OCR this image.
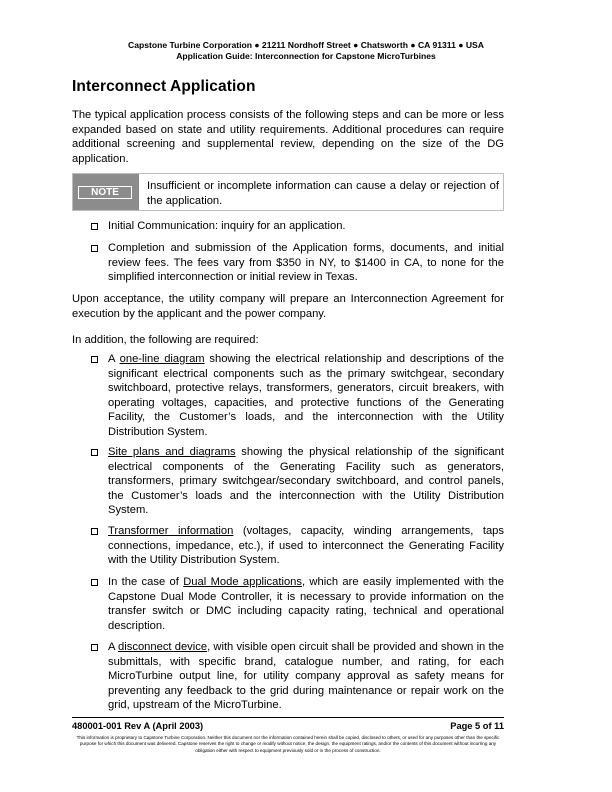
Capstone Turbine Corporation ● 21211 Nordhoff Street ● Chatsworth ● CA 91311 ● USA
Application Guide: Interconnection for Capstone MicroTurbines
Interconnect Application
The typical application process consists of the following steps and can be more or less expanded based on state and utility requirements. Additional procedures can require additional screening and supplemental review, depending on the size of the DG application.
NOTE
Insufficient or incomplete information can cause a delay or rejection of the application.
Initial Communication: inquiry for an application.
Completion and submission of the Application forms, documents, and initial review fees. The fees vary from $350 in NY, to $1400 in CA, to none for the simplified interconnection or initial review in Texas.
Upon acceptance, the utility company will prepare an Interconnection Agreement for execution by the applicant and the power company.
In addition, the following are required:
A one-line diagram showing the electrical relationship and descriptions of the significant electrical components such as the primary switchgear, secondary switchboard, protective relays, transformers, generators, circuit breakers, with operating voltages, capacities, and protective functions of the Generating Facility, the Customer’s loads, and the interconnection with the Utility Distribution System.
Site plans and diagrams showing the physical relationship of the significant electrical components of the Generating Facility such as generators, transformers, primary switchgear/secondary switchboard, and control panels, the Customer’s loads and the interconnection with the Utility Distribution System.
Transformer information (voltages, capacity, winding arrangements, taps connections, impedance, etc.), if used to interconnect the Generating Facility with the Utility Distribution System.
In the case of Dual Mode applications, which are easily implemented with the Capstone Dual Mode Controller, it is necessary to provide information on the transfer switch or DMC including capacity rating, technical and operational description.
A disconnect device, with visible open circuit shall be provided and shown in the submittals, with specific brand, catalogue number, and rating, for each MicroTurbine output line, for utility company approval as safety means for preventing any feedback to the grid during maintenance or repair work on the grid, upstream of the MicroTurbine.
480001-001 Rev A (April 2003)	Page 5 of 11
This information is proprietary to Capstone Turbine Corporation. Neither this document nor the information contained herein shall be copied, disclosed to others, or used for any purposes other than the specific purpose for which this document was delivered. Capstone reserves the right to change or modify without notice, the design, the equipment ratings, and/or the contents of this document without incurring any obligation either with respect to equipment previously sold or in the process of construction.
